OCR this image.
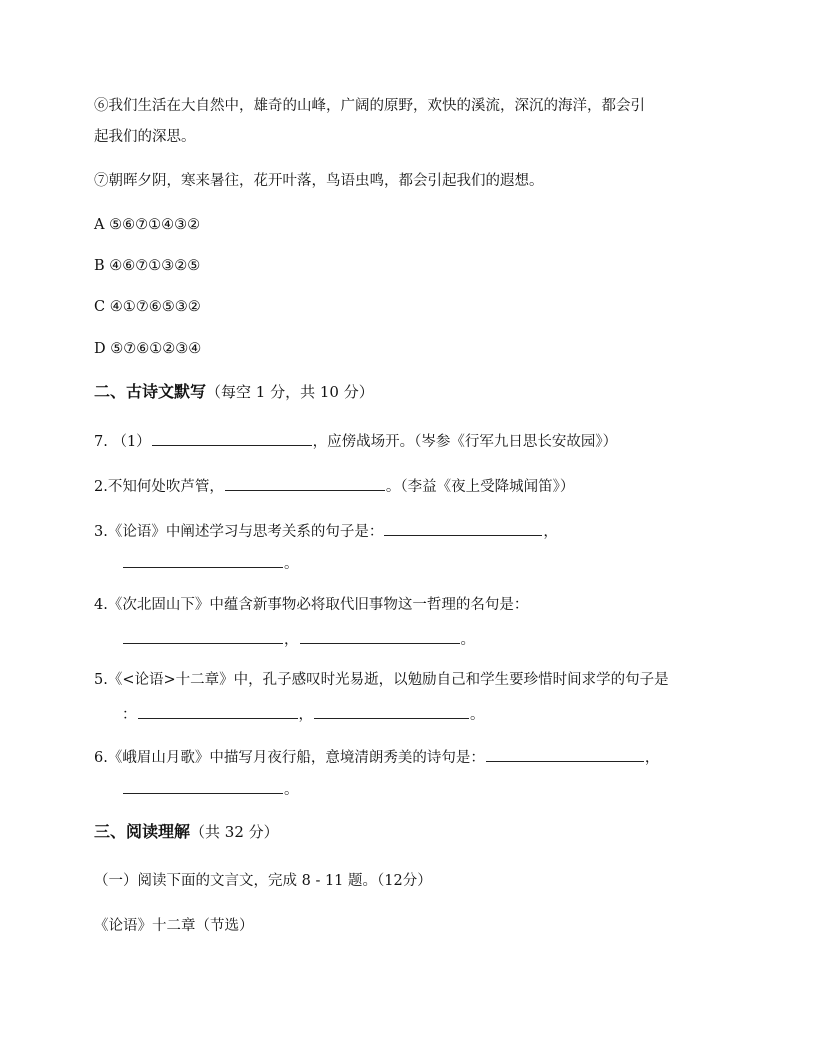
⑥我们生活在大自然中，雄奇的山峰，广阔的原野，欢快的溪流，深沉的海洋，都会引
起我们的深思。
⑦朝晖夕阴，寒来暑往，花开叶落，鸟语虫鸣，都会引起我们的遐想。
A ⑤⑥⑦①④③②
B ④⑥⑦①③②⑤
C ④①⑦⑥⑤③②
D ⑤⑦⑥①②③④
二、古诗文默写（每空 1 分，共 10 分）
7. （1）	，应傍战场开。（岑参《行军九日思长安故园》）
2.不知何处吹芦管，	。（李益《夜上受降城闻笛》）
3.《论语》中阐述学习与思考关系的句子是：	，
。
4.《次北固山下》中蕴含新事物必将取代旧事物这一哲理的名句是：
，	。
5.《<论语>十二章》中，孔子感叹时光易逝，以勉励自己和学生要珍惜时间求学的句子是
：	，	。
6.《峨眉山月歌》中描写月夜行船，意境清朗秀美的诗句是：	，
。
三、阅读理解（共 32 分）
（一）阅读下面的文言文，完成 8 - 11 题。（12分）
《论语》十二章（节选）
